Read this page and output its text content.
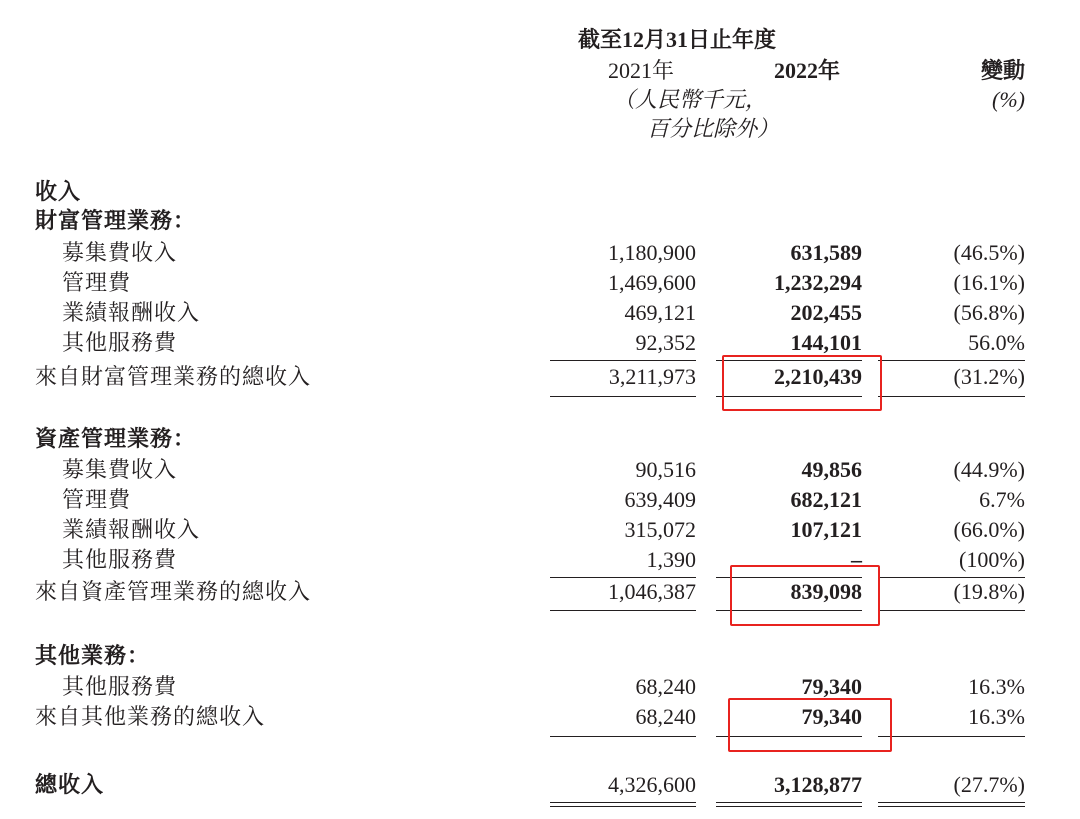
截至12月31日止年度
2021年	2022年	變動
（人民幣千元，
百分比除外）
(%)
收入
財富管理業務：
募集費收入	1,180,900	631,589	(46.5%)
管理費	1,469,600	1,232,294	(16.1%)
業績報酬收入	469,121	202,455	(56.8%)
其他服務費	92,352	144,101	56.0%
來自財富管理業務的總收入	3,211,973	2,210,439	(31.2%)
資產管理業務：
募集費收入	90,516	49,856	(44.9%)
管理費	639,409	682,121	6.7%
業績報酬收入	315,072	107,121	(66.0%)
其他服務費	1,390	–	(100%)
來自資產管理業務的總收入	1,046,387	839,098	(19.8%)
其他業務：
其他服務費	68,240	79,340	16.3%
來自其他業務的總收入	68,240	79,340	16.3%
總收入	4,326,600	3,128,877	(27.7%)
